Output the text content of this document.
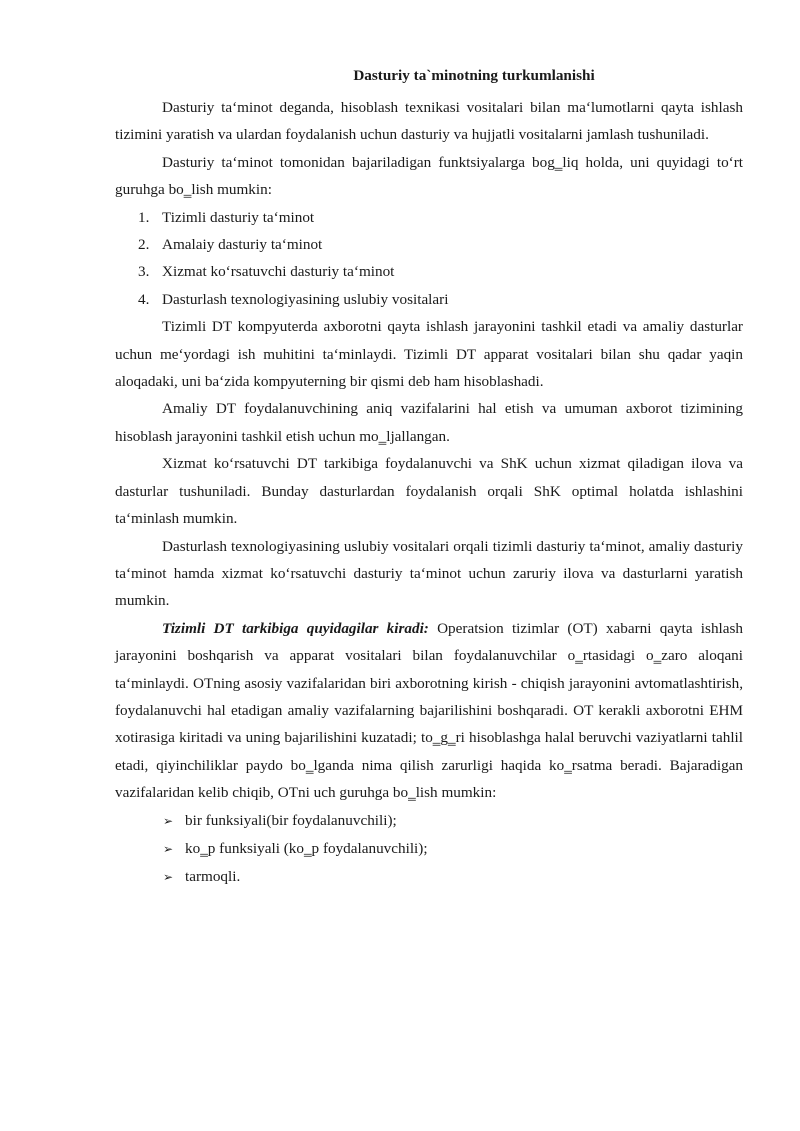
Dasturiy ta`minotning turkumlanishi

Dasturiy ta‘minot deganda, hisoblash texnikasi vositalari bilan ma‘lumotlarni qayta ishlash tizimini yaratish va ulardan foydalanish uchun dasturiy va hujjatli vositalarni jamlash tushuniladi.

Dasturiy ta‘minot tomonidan bajariladigan funktsiyalarga bog‗liq holda, uni quyidagi to‘rt guruhga bo‗lish mumkin:

1. Tizimli dasturiy ta‘minot
2. Amalaiy dasturiy ta‘minot
3. Xizmat ko‘rsatuvchi dasturiy ta‘minot
4. Dasturlash texnologiyasining uslubiy vositalari

Tizimli DT kompyuterda axborotni qayta ishlash jarayonini tashkil etadi va amaliy dasturlar uchun me‘yordagi ish muhitini ta‘minlaydi. Tizimli DT apparat vositalari bilan shu qadar yaqin aloqadaki, uni ba‘zida kompyuterning bir qismi deb ham hisoblashadi.

Amaliy DT foydalanuvchining aniq vazifalarini hal etish va umuman axborot tizimining hisoblash jarayonini tashkil etish uchun mo‗ljallangan.

Xizmat ko‘rsatuvchi DT tarkibiga foydalanuvchi va ShK uchun xizmat qiladigan ilova va dasturlar tushuniladi. Bunday dasturlardan foydalanish orqali ShK optimal holatda ishlashini ta‘minlash mumkin.

Dasturlash texnologiyasining uslubiy vositalari orqali tizimli dasturiy ta‘minot, amaliy dasturiy ta‘minot hamda xizmat ko‘rsatuvchi dasturiy ta‘minot uchun zaruriy ilova va dasturlarni yaratish mumkin.

Tizimli DT tarkibiga quyidagilar kiradi: Operatsion tizimlar (OT) xabarni qayta ishlash jarayonini boshqarish va apparat vositalari bilan foydalanuvchilar o‗rtasidagi o‗zaro aloqani ta‘minlaydi. OTning asosiy vazifalaridan biri axborotning kirish - chiqish jarayonini avtomatlashtirish, foydalanuvchi hal etadigan amaliy vazifalarning bajarilishini boshqaradi. OT kerakli axborotni EHM xotirasiga kiritadi va uning bajarilishini kuzatadi; to‗g‗ri hisoblashga halal beruvchi vaziyatlarni tahlil etadi, qiyinchiliklar paydo bo‗lganda nima qilish zarurligi haqida ko‗rsatma beradi. Bajaradigan vazifalaridan kelib chiqib, OTni uch guruhga bo‗lish mumkin:

➢ bir funksiyali(bir foydalanuvchili);
➢ ko‗p funksiyali (ko‗p foydalanuvchili);
➢ tarmoqli.
